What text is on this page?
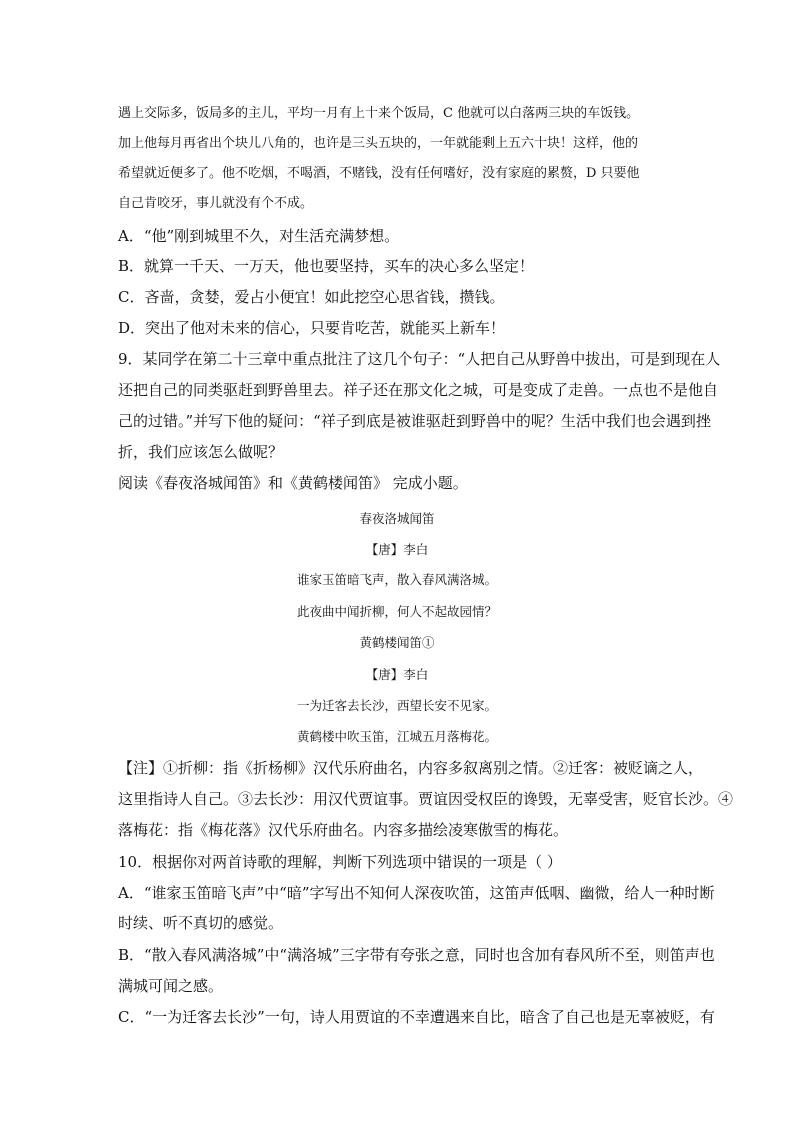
遇上交际多，饭局多的主儿，平均一月有上十来个饭局，C 他就可以白落两三块的车饭钱。
加上他每月再省出个块儿八角的，也许是三头五块的，一年就能剩上五六十块！这样，他的
希望就近便多了。他不吃烟，不喝酒，不赌钱，没有任何嗜好，没有家庭的累赘，D 只要他
自己肯咬牙，事儿就没有个不成。
A．“他”刚到城里不久，对生活充满梦想。
B．就算一千天、一万天，他也要坚持，买车的决心多么坚定！
C．吝啬，贪婪，爱占小便宜！如此挖空心思省钱，攒钱。
D．突出了他对未来的信心，只要肯吃苦，就能买上新车！
9．某同学在第二十三章中重点批注了这几个句子：“人把自己从野兽中拔出，可是到现在人
还把自己的同类驱赶到野兽里去。祥子还在那文化之城，可是变成了走兽。一点也不是他自
己的过错。”并写下他的疑问：“祥子到底是被谁驱赶到野兽中的呢？生活中我们也会遇到挫
折，我们应该怎么做呢？
阅读《春夜洛城闻笛》和《黄鹤楼闻笛》 完成小题。
春夜洛城闻笛
【唐】李白
谁家玉笛暗飞声，散入春风满洛城。
此夜曲中闻折柳，何人不起故园情？
黄鹤楼闻笛①
【唐】李白
一为迁客去长沙，西望长安不见家。
黄鹤楼中吹玉笛，江城五月落梅花。
【注】①折柳：指《折杨柳》汉代乐府曲名，内容多叙离别之情。②迁客：被贬谪之人，
这里指诗人自己。③去长沙：用汉代贾谊事。贾谊因受权臣的谗毁，无辜受害，贬官长沙。④
落梅花：指《梅花落》汉代乐府曲名。内容多描绘凌寒傲雪的梅花。
10．根据你对两首诗歌的理解，判断下列选项中错误的一项是（ ）
A．“谁家玉笛暗飞声”中“暗”字写出不知何人深夜吹笛，这笛声低咽、幽微，给人一种时断
时续、听不真切的感觉。
B．“散入春风满洛城”中“满洛城”三字带有夸张之意，同时也含加有春风所不至，则笛声也
满城可闻之感。
C．“一为迁客去长沙”一句，诗人用贾谊的不幸遭遇来自比，暗含了自己也是无辜被贬，有
